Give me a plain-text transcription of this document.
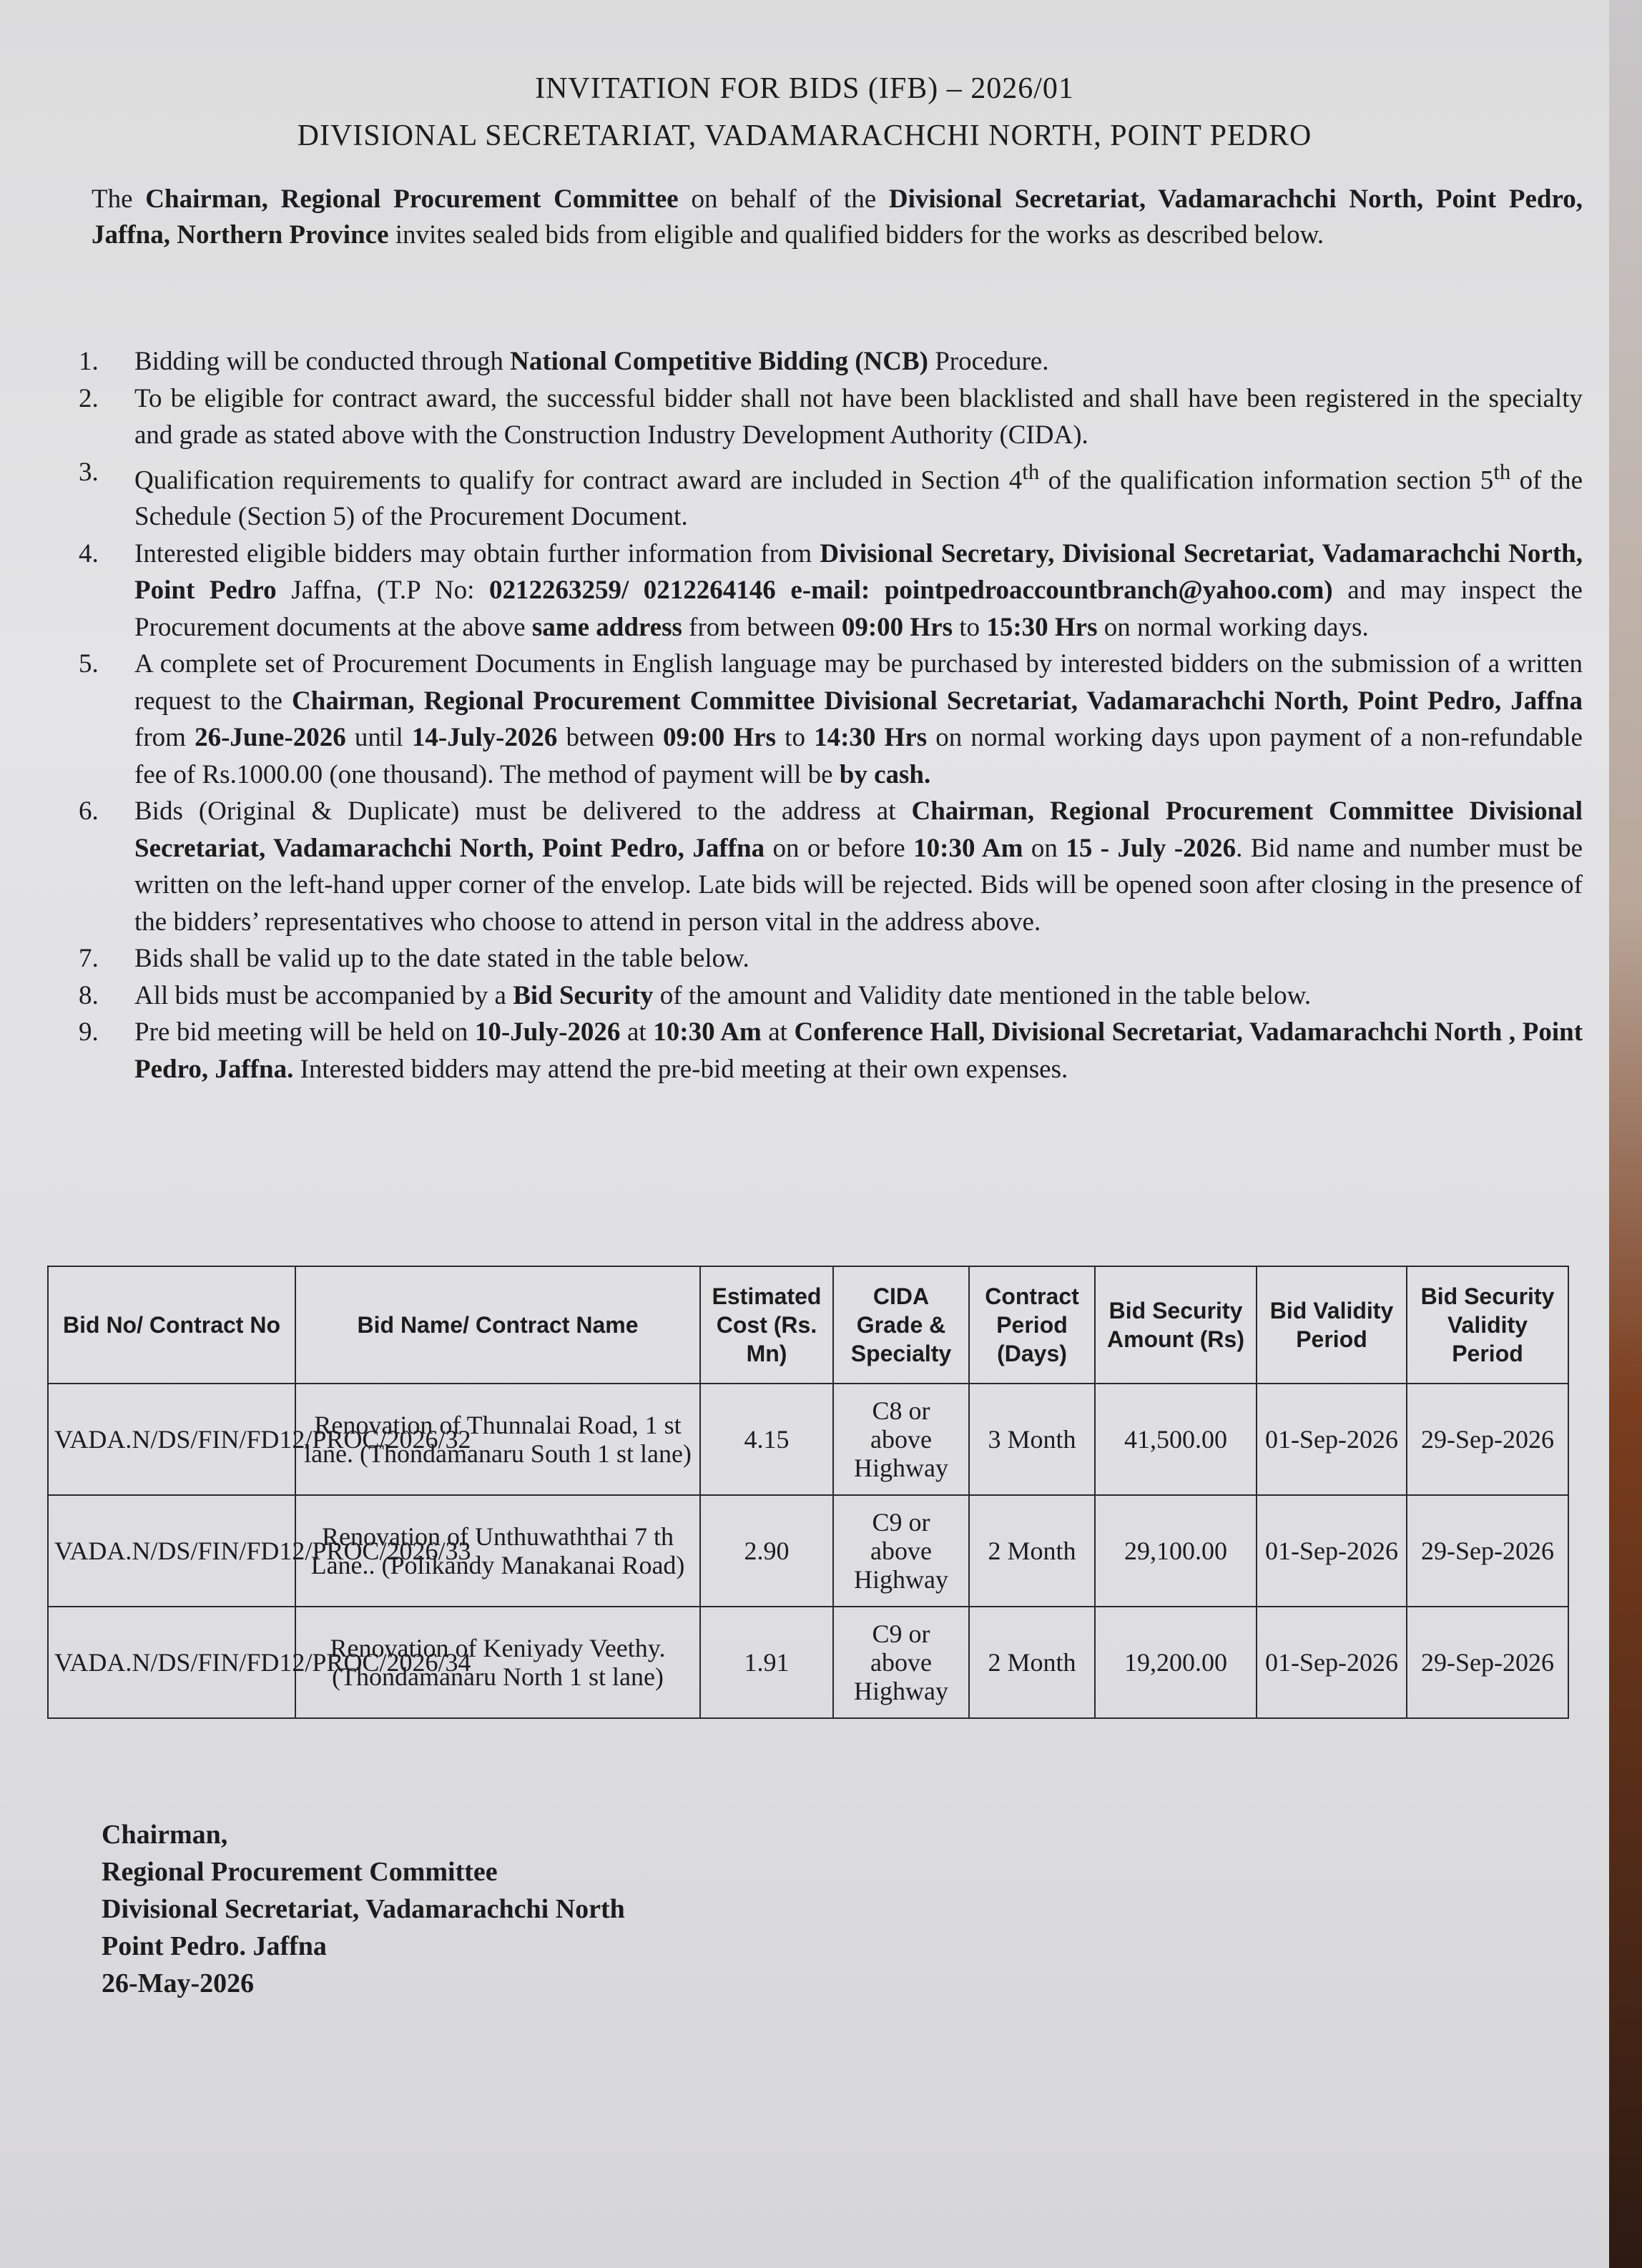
INVITATION FOR BIDS (IFB) – 2026/01
DIVISIONAL SECRETARIAT, VADAMARACHCHI NORTH, POINT PEDRO

The Chairman, Regional Procurement Committee on behalf of the Divisional Secretariat, Vadamarachchi North, Point Pedro, Jaffna, Northern Province invites sealed bids from eligible and qualified bidders for the works as described below.

1.	Bidding will be conducted through National Competitive Bidding (NCB) Procedure.
2.	To be eligible for contract award, the successful bidder shall not have been blacklisted and shall have been registered in the specialty and grade as stated above with the Construction Industry Development Authority (CIDA).
3.	Qualification requirements to qualify for contract award are included in Section 4th of the qualification information section 5th of the Schedule (Section 5) of the Procurement Document.
4.	Interested eligible bidders may obtain further information from Divisional Secretary, Divisional Secretariat, Vadamarachchi North, Point Pedro Jaffna, (T.P No: 0212263259/ 0212264146 e-mail: pointpedroaccountbranch@yahoo.com) and may inspect the Procurement documents at the above same address from between 09:00 Hrs to 15:30 Hrs on normal working days.
5.	A complete set of Procurement Documents in English language may be purchased by interested bidders on the submission of a written request to the Chairman, Regional Procurement Committee Divisional Secretariat, Vadamarachchi North, Point Pedro, Jaffna from 26-June-2026 until 14-July-2026 between 09:00 Hrs to 14:30 Hrs on normal working days upon payment of a non-refundable fee of Rs.1000.00 (one thousand). The method of payment will be by cash.
6.	Bids (Original & Duplicate) must be delivered to the address at Chairman, Regional Procurement Committee Divisional Secretariat, Vadamarachchi North, Point Pedro, Jaffna on or before 10:30 Am on 15 - July -2026. Bid name and number must be written on the left-hand upper corner of the envelop. Late bids will be rejected. Bids will be opened soon after closing in the presence of the bidders’ representatives who choose to attend in person vital in the address above.
7.	Bids shall be valid up to the date stated in the table below.
8.	All bids must be accompanied by a Bid Security of the amount and Validity date mentioned in the table below.
9.	Pre bid meeting will be held on 10-July-2026 at 10:30 Am at Conference Hall, Divisional Secretariat, Vadamarachchi North , Point Pedro, Jaffna. Interested bidders may attend the pre-bid meeting at their own expenses.
Bid No/ Contract No	Bid Name/ Contract Name	Estimated Cost (Rs. Mn)	CIDA Grade & Specialty	Contract Period (Days)	Bid Security Amount (Rs)	Bid Validity Period	Bid Security Validity Period
VADA.N/DS/FIN/FD12/PROC/2026/32	Renovation of Thunnalai Road, 1 st lane. (Thondamanaru South 1 st lane)	4.15	C8 or above Highway	3 Month	41,500.00	01-Sep-2026	29-Sep-2026
VADA.N/DS/FIN/FD12/PROC/2026/33	Renovation of Unthuwaththai 7 th Lane.. (Polikandy Manakanai Road)	2.90	C9 or above Highway	2 Month	29,100.00	01-Sep-2026	29-Sep-2026
VADA.N/DS/FIN/FD12/PROC/2026/34	Renovation of Keniyady Veethy. (Thondamanaru North 1 st lane)	1.91	C9 or above Highway	2 Month	19,200.00	01-Sep-2026	29-Sep-2026
Chairman,
Regional Procurement Committee
Divisional Secretariat, Vadamarachchi North
Point Pedro. Jaffna
26-May-2026
